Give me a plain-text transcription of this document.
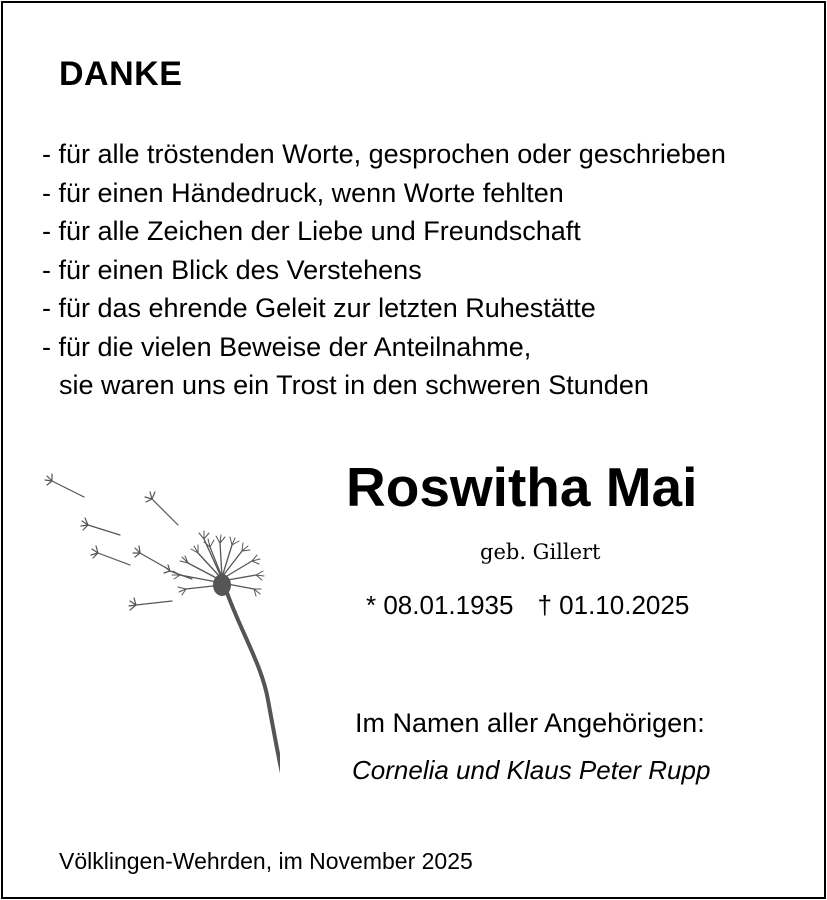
DANKE
- für alle tröstenden Worte, gesprochen oder geschrieben
- für einen Händedruck, wenn Worte fehlten
- für alle Zeichen der Liebe und Freundschaft
- für einen Blick des Verstehens
- für das ehrende Geleit zur letzten Ruhestätte
- für die vielen Beweise der Anteilnahme,
sie waren uns ein Trost in den schweren Stunden
Roswitha Mai
geb. Gillert
* 08.01.1935 † 01.10.2025
Im Namen aller Angehörigen:
Cornelia und Klaus Peter Rupp
Völklingen-Wehrden, im November 2025
